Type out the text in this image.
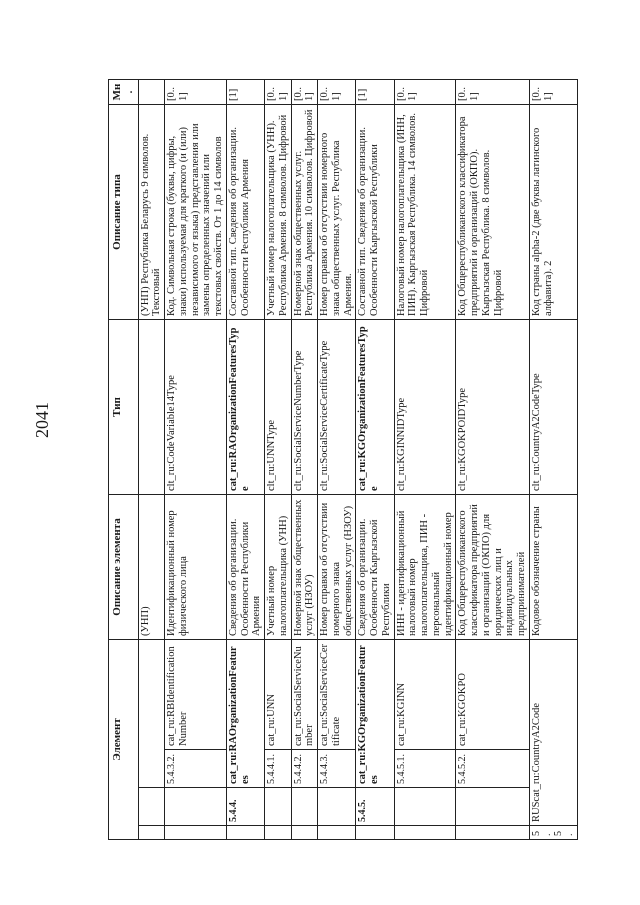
2041
Элемент				Описание элемента	Тип	Описание типа	Мн.
				(УНП)		(УНП) Республика Беларусь 9 символов. Текстовый	
		5.4.3.2.	cat_ru:RBIdentificationNumber	Идентификационный номер физического лица	clt_ru:CodeVariable14Type	Код. Символьная строка (буквы, цифры, знаки) используемая для краткого (и (или) независимого от языка) представления или замены определенных значений или текстовых свойств. От 1 до 14 символов	[0..1]
	5.4.4.	cat_ru:RAOrganizationFeatures		Сведения об организации. Особенности Республики Армения	cat_ru:RAOrganizationFeaturesType	Составной тип. Сведения об организации. Особенности Республики Армения	[1]
		5.4.4.1.	cat_ru:UNN	Учетный номер налогоплательщика (УНН)	clt_ru:UNNType	Учетный номер налогоплательщика (УНН). Республика Армения. 8 символов. Цифровой	[0..1]
		5.4.4.2.	cat_ru:SocialServiceNumber	Номерной знак общественных услуг (НЗОУ)	clt_ru:SocialServiceNumberType	Номерной знак общественных услуг. Республика Армения. 10 символов. Цифровой	[0..1]
		5.4.4.3.	cat_ru:SocialServiceCertificate	Номер справки об отсутствии номерного знака общественных услуг (НЗОУ)	clt_ru:SocialServiceCertificateType	Номер справки об отсутствии номерного знака общественных услуг. Республика Армения.	[0..1]
	5.4.5.	cat_ru:KGOrganizationFeatures		Сведения об организации. Особенности Кыргызской Республики	cat_ru:KGOrganizationFeaturesType	Составной тип. Сведения об организации. Особенности Кыргызской Республики	[1]
		5.4.5.1.	cat_ru:KGINN	ИНН - идентификационный налоговый номер налогоплательщика, ПИН - персональный идентификационный номер	clt_ru:KGINNIDType	Налоговый номер налогоплательщика (ИНН, ПИН). Кыргызская Республика. 14 символов. Цифровой	[0..1]
		5.4.5.2.	cat_ru:KGOKPO	Код Общереспубликанского классификатора предприятий и организаций (ОКПО) для юридических лиц и индивидуальных предпринимателей	clt_ru:KGOKPOIDType	Код Общереспубликанского классификатора предприятий и организаций (ОКПО). Кыргызская Республика. 8 символов. Цифровой	[0..1]
5.5.	RUScat_ru:CountryA2Code			Кодовое обозначение страны	clt_ru:CountryA2CodeType	Код страны alpha-2 (две буквы латинского алфавита). 2	[0..1]
